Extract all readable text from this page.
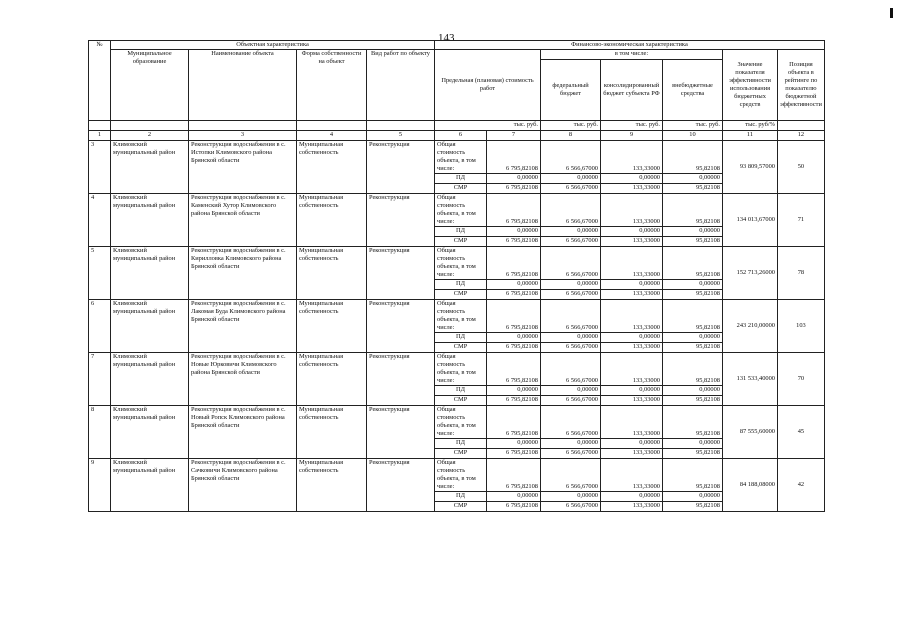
143
№	Объектная характеристика				Финансово-экономическая характеристика						
	Муниципальное образование	Наименование объекта	Форма собственности на объект	Вид работ по объекту	Предельная (плановая) стоимость работ		в том числе:			Значение показателя эффективности использования бюджетных средств	Позиция объекта в рейтинге по показателю бюджетной эффективности
							федеральный бюджет	консолидированный бюджет субъекта РФ	внебюджетные средства		
					тыс. руб.		тыс. руб.	тыс. руб.	тыс. руб.	тыс. руб/%	
1	2	3	4	5	6	7	8	9	10	11	12
3	Климовский муниципальный район	Реконструкция водоснабжения в с. Истопки Климовского района Брянской области	Муниципальная собственность	Реконструкция	Общая стоимость объекта, в том числе:	6 795,82108	6 566,67000	133,33000	95,82108	93 809,57000	50
					ПД	0,00000	0,00000	0,00000	0,00000		
					СМР	6 795,82108	6 566,67000	133,33000	95,82108		
4	Климовский муниципальный район	Реконструкция водоснабжения в с. Каменский Хутор Климовского района Брянской области	Муниципальная собственность	Реконструкция	Общая стоимость объекта, в том числе:	6 795,82108	6 566,67000	133,33000	95,82108	134 013,67000	71
					ПД	0,00000	0,00000	0,00000	0,00000		
					СМР	6 795,82108	6 566,67000	133,33000	95,82108		
5	Климовский муниципальный район	Реконструкция водоснабжения в с. Кирилловка Климовского района Брянской области	Муниципальная собственность	Реконструкция	Общая стоимость объекта, в том числе:	6 795,82108	6 566,67000	133,33000	95,82108	152 713,26000	78
					ПД	0,00000	0,00000	0,00000	0,00000		
					СМР	6 795,82108	6 566,67000	133,33000	95,82108		
6	Климовский муниципальный район	Реконструкция водоснабжения в с. Лакомая Буда Климовского района Брянской области	Муниципальная собственность	Реконструкция	Общая стоимость объекта, в том числе:	6 795,82108	6 566,67000	133,33000	95,82108	243 210,00000	103
					ПД	0,00000	0,00000	0,00000	0,00000		
					СМР	6 795,82108	6 566,67000	133,33000	95,82108		
7	Климовский муниципальный район	Реконструкция водоснабжения в с. Новые Юрковичи Климовского района Брянской области	Муниципальная собственность	Реконструкция	Общая стоимость объекта, в том числе:	6 795,82108	6 566,67000	133,33000	95,82108	131 533,40000	70
					ПД	0,00000	0,00000	0,00000	0,00000		
					СМР	6 795,82108	6 566,67000	133,33000	95,82108		
8	Климовский муниципальный район	Реконструкция водоснабжения в с. Новый Ропск Климовского района Брянской области	Муниципальная собственность	Реконструкция	Общая стоимость объекта, в том числе:	6 795,82108	6 566,67000	133,33000	95,82108	87 555,60000	45
					ПД	0,00000	0,00000	0,00000	0,00000		
					СМР	6 795,82108	6 566,67000	133,33000	95,82108		
9	Климовский муниципальный район	Реконструкция водоснабжения в с. Сачковичи Климовского района Брянской области	Муниципальная собственность	Реконструкция	Общая стоимость объекта, в том числе:	6 795,82108	6 566,67000	133,33000	95,82108	84 188,08000	42
					ПД	0,00000	0,00000	0,00000	0,00000		
					СМР	6 795,82108	6 566,67000	133,33000	95,82108		
